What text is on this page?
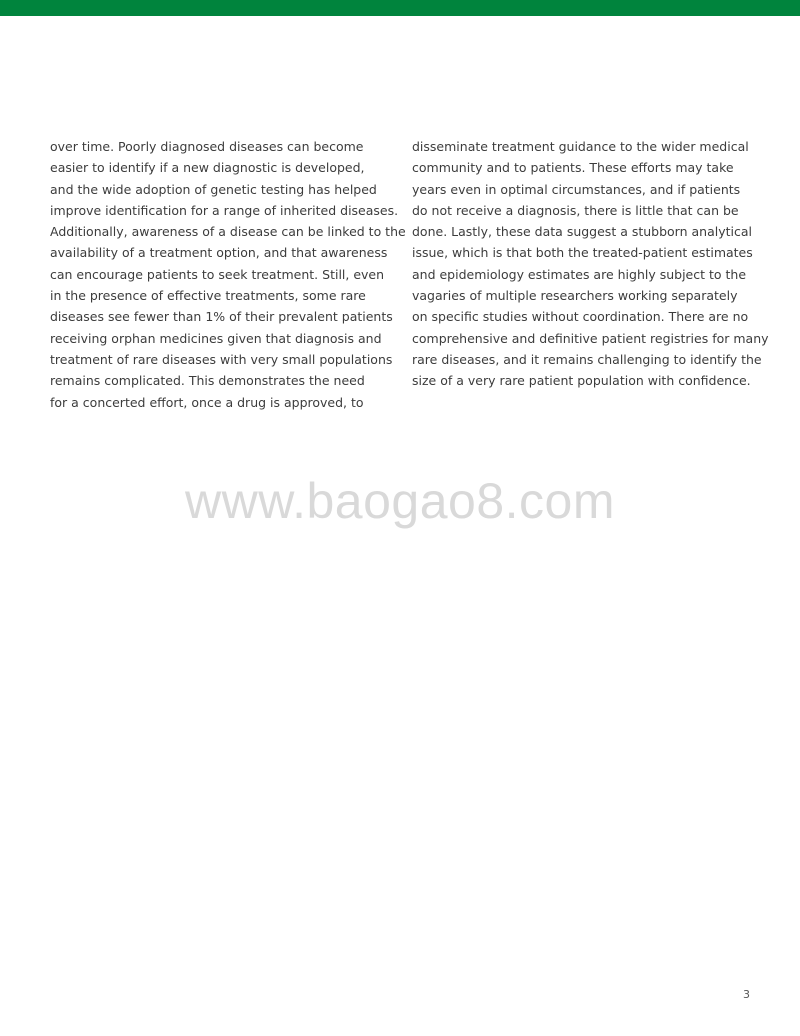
over time. Poorly diagnosed diseases can become
easier to identify if a new diagnostic is developed,
and the wide adoption of genetic testing has helped
improve identification for a range of inherited diseases.
Additionally, awareness of a disease can be linked to the
availability of a treatment option, and that awareness
can encourage patients to seek treatment. Still, even
in the presence of effective treatments, some rare
diseases see fewer than 1% of their prevalent patients
receiving orphan medicines given that diagnosis and
treatment of rare diseases with very small populations
remains complicated. This demonstrates the need
for a concerted effort, once a drug is approved, to
disseminate treatment guidance to the wider medical
community and to patients. These efforts may take
years even in optimal circumstances, and if patients
do not receive a diagnosis, there is little that can be
done. Lastly, these data suggest a stubborn analytical
issue, which is that both the treated-patient estimates
and epidemiology estimates are highly subject to the
vagaries of multiple researchers working separately
on specific studies without coordination. There are no
comprehensive and definitive patient registries for many
rare diseases, and it remains challenging to identify the
size of a very rare patient population with confidence.
www.baogao8.com
3
